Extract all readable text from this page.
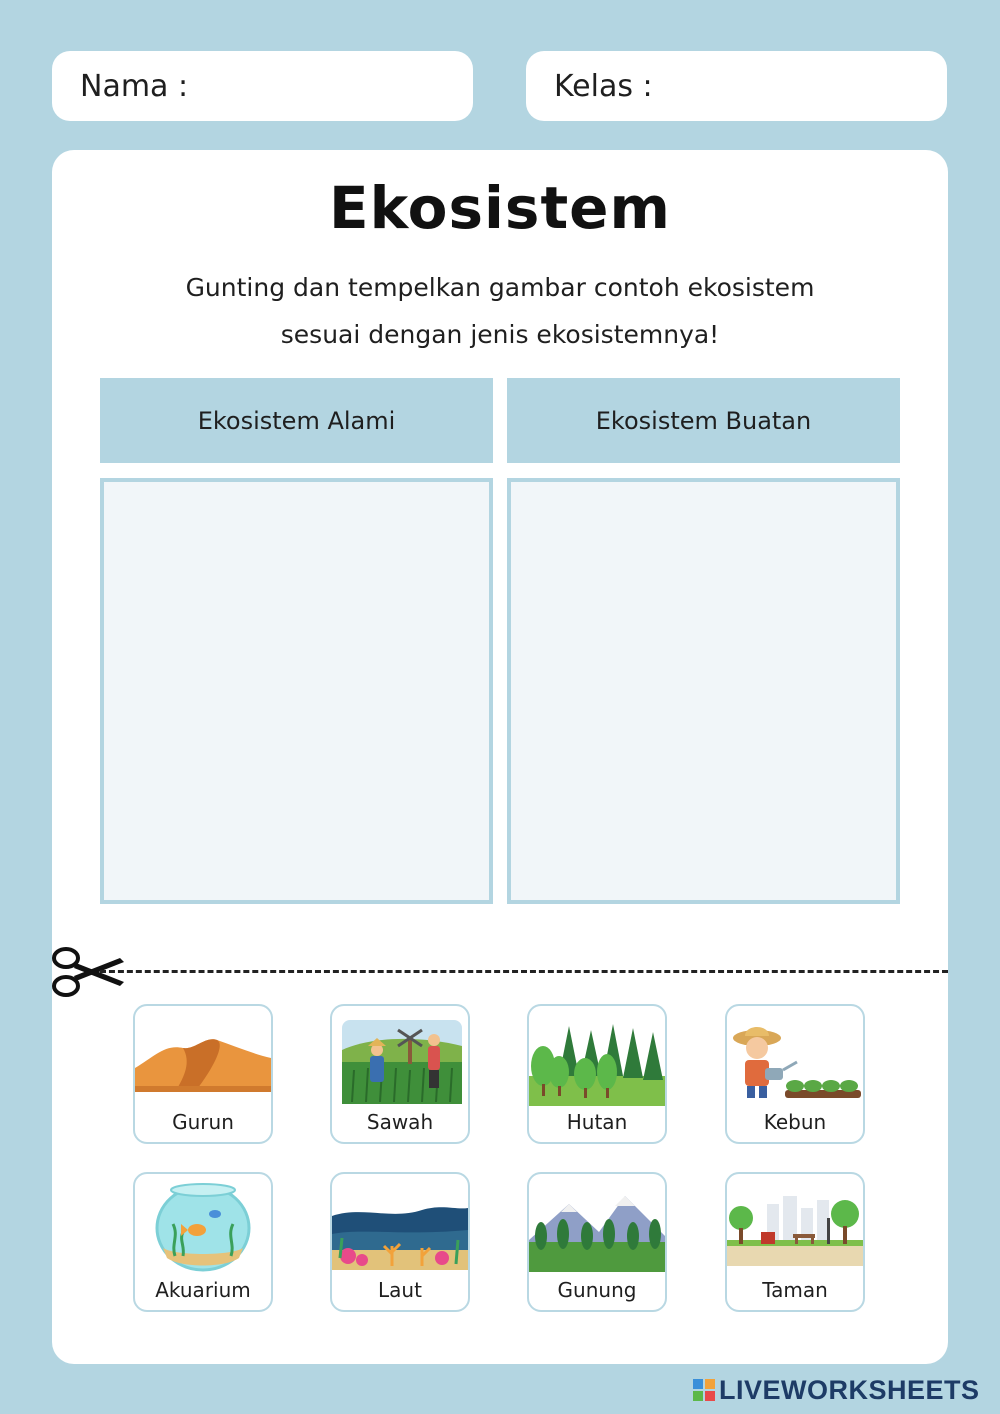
Nama :	Kelas :
Ekosistem
Gunting dan tempelkan gambar contoh ekosistem
sesuai dengan jenis ekosistemnya!
Ekosistem Alami	Ekosistem Buatan
Gurun	Sawah	Hutan	Kebun
Akuarium	Laut	Gunung	Taman
LIVEWORKSHEETS
